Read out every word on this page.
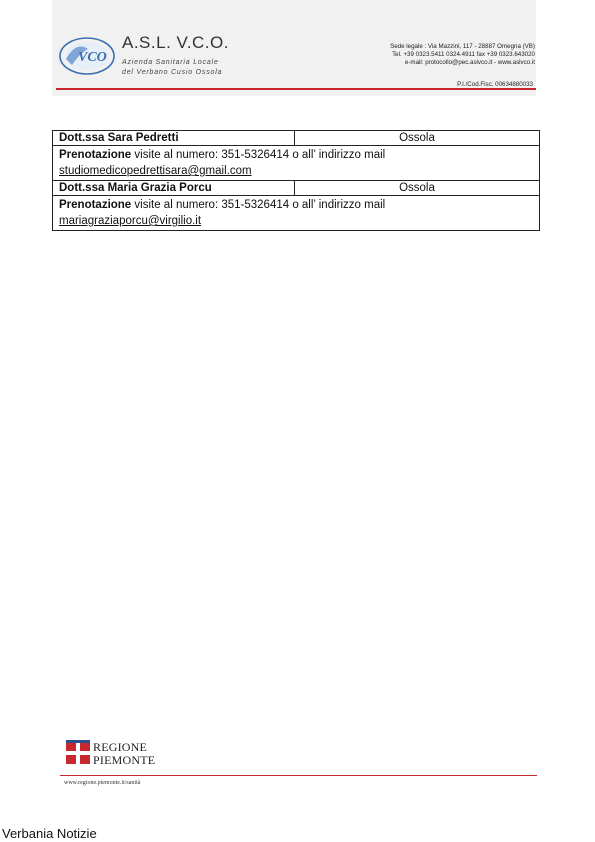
VCO
A.S.L. V.C.O.
Azienda Sanitaria Locale
del Verbano Cusio Ossola
Sede legale : Via Mazzini, 117 - 28887 Omegna (VB)
Tel. +39 0323.5411 0324.4911 fax +39 0323.643020
e-mail: protocollo@pec.aslvco.it - www.aslvco.it
P.I./Cod.Fisc. 00634880033
Dott.ssa Sara Pedretti	Ossola
Prenotazione visite al numero: 351-5326414 o all’ indirizzo mail
studiomedicopedrettisara@gmail.com	
Dott.ssa Maria Grazia Porcu	Ossola
Prenotazione visite al numero: 351-5326414 o all’ indirizzo mail
mariagraziaporcu@virgilio.it	
REGIONE
PIEMONTE
www.regione.piemonte.it/sanità
Verbania Notizie
